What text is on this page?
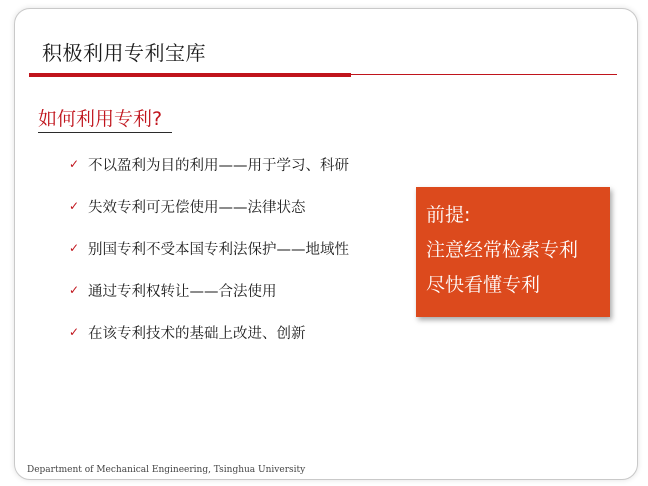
积极利用专利宝库
如何利用专利?
✓ 不以盈利为目的利用——用于学习、科研
✓ 失效专利可无偿使用——法律状态
✓ 别国专利不受本国专利法保护——地域性
✓ 通过专利权转让——合法使用
✓ 在该专利技术的基础上改进、创新
前提:
注意经常检索专利
尽快看懂专利
Department of Mechanical Engineering, Tsinghua University
